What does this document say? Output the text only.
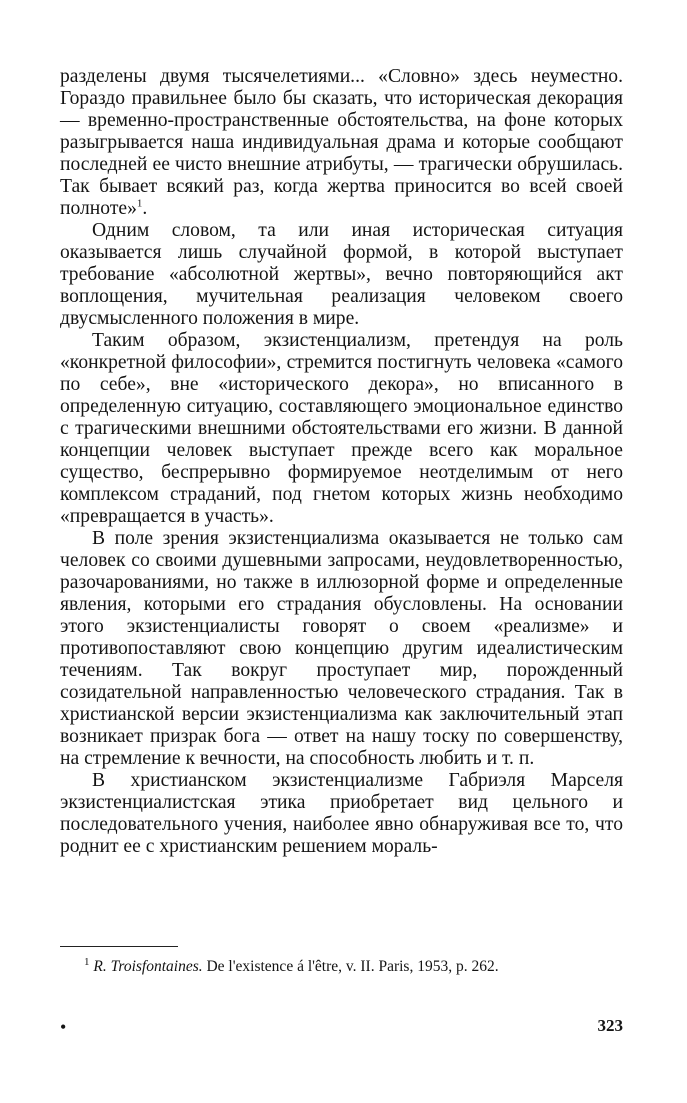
разделены двумя тысячелетиями... «Словно» здесь неуместно. Гораздо правильнее было бы сказать, что историческая декорация — временно-пространственные обстоятельства, на фоне которых разыгрывается наша индивидуальная драма и которые сообщают последней ее чисто внешние атрибуты, — трагически обрушилась. Так бывает всякий раз, когда жертва приносится во всей своей полноте»$^1$.

Одним словом, та или иная историческая ситуация оказывается лишь случайной формой, в которой выступает требование «абсолютной жертвы», вечно повторяющийся акт воплощения, мучительная реализация человеком своего двусмысленного положения в мире.

Таким образом, экзистенциализм, претендуя на роль «конкретной философии», стремится постигнуть человека «самого по себе», вне «исторического декора», но вписанного в определенную ситуацию, составляющего эмоциональное единство с трагическими внешними обстоятельствами его жизни. В данной концепции человек выступает прежде всего как моральное существо, беспрерывно формируемое неотделимым от него комплексом страданий, под гнетом которых жизнь необходимо «превращается в участь».

В поле зрения экзистенциализма оказывается не только сам человек со своими душевными запросами, неудовлетворенностью, разочарованиями, но также в иллюзорной форме и определенные явления, которыми его страдания обусловлены. На основании этого экзистенциалисты говорят о своем «реализме» и противопоставляют свою концепцию другим идеалистическим течениям. Так вокруг проступает мир, порожденный созидательной направленностью человеческого страдания. Так в христианской версии экзистенциализма как заключительный этап возникает призрак бога — ответ на нашу тоску по совершенству, на стремление к вечности, на способность любить и т. п.

В христианском экзистенциализме Габриэля Марселя экзистенциалистская этика приобретает вид цельного и последовательного учения, наиболее явно обнаруживая все то, что роднит ее с христианским решением мораль-

$^1$ R. Troisfontaines. De l'existence á l'être, v. II. Paris, 1953, p. 262.

•	323
